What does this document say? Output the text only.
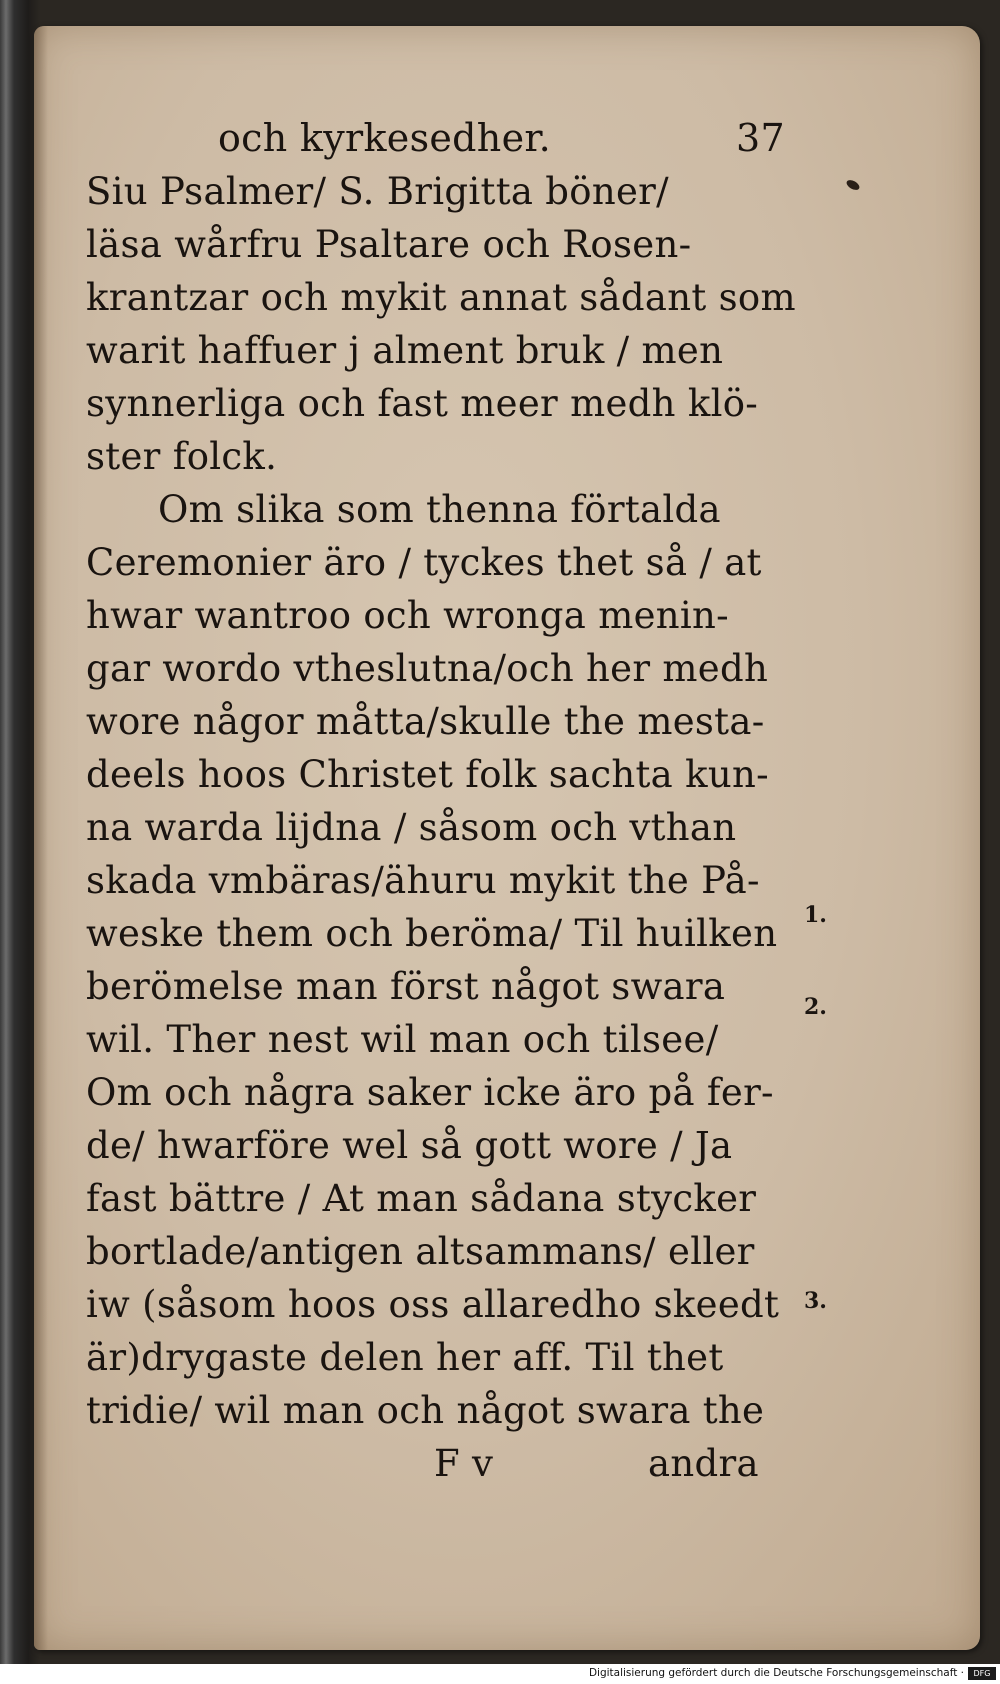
och kyrkesedher.	37
Siu Psalmer/ S. Brigitta böner/
läsa wårfru Psaltare och Rosen-
krantzar och mykit annat sådant som
warit haffuer j alment bruk / men
synnerliga och fast meer medh klö-
ster folck.
Om slika som thenna förtalda
Ceremonier äro / tyckes thet så / at
hwar wantroo och wronga menin-
gar wordo vtheslutna/och her medh
wore någor måtta/skulle the mesta-
deels hoos Christet folk sachta kun-
na warda lijdna / såsom och vthan
skada vmbäras/ähuru mykit the På-
weske them och beröma/ Til huilken
berömelse man först något swara
wil. Ther nest wil man och tilsee/
Om och några saker icke äro på fer-
de/ hwarföre wel så gott wore / Ja
fast bättre / At man sådana stycker
bortlade/antigen altsammans/ eller
iw (såsom hoos oss allaredho skeedt
är)drygaste delen her aff. Til thet
tridie/ wil man och något swara the
F v	andra
1.
2.
3.
Digitalisierung gefördert durch die Deutsche Forschungsgemeinschaft ·	DFG
